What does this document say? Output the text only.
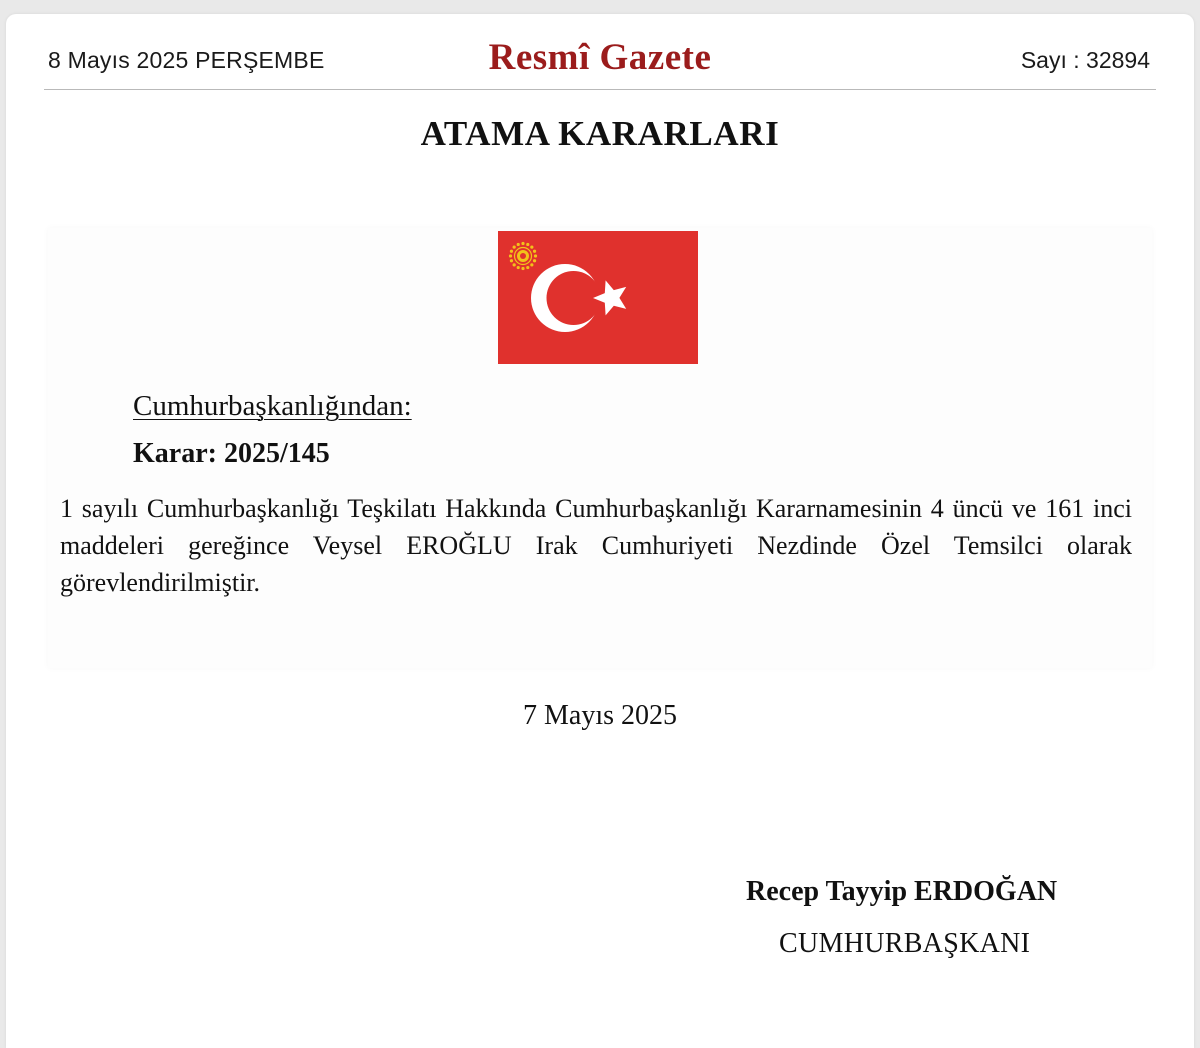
8 Mayıs 2025 PERŞEMBE	Resmî Gazete	Sayı : 32894
ATAMA KARARLARI
Cumhurbaşkanlığından:
Karar: 2025/145
1 sayılı Cumhurbaşkanlığı Teşkilatı Hakkında Cumhurbaşkanlığı Kararnamesinin 4 üncü ve 161 inci maddeleri gereğince Veysel EROĞLU Irak Cumhuriyeti Nezdinde Özel Temsilci olarak görevlendirilmiştir.
7 Mayıs 2025
Recep Tayyip ERDOĞAN
CUMHURBAŞKANI
